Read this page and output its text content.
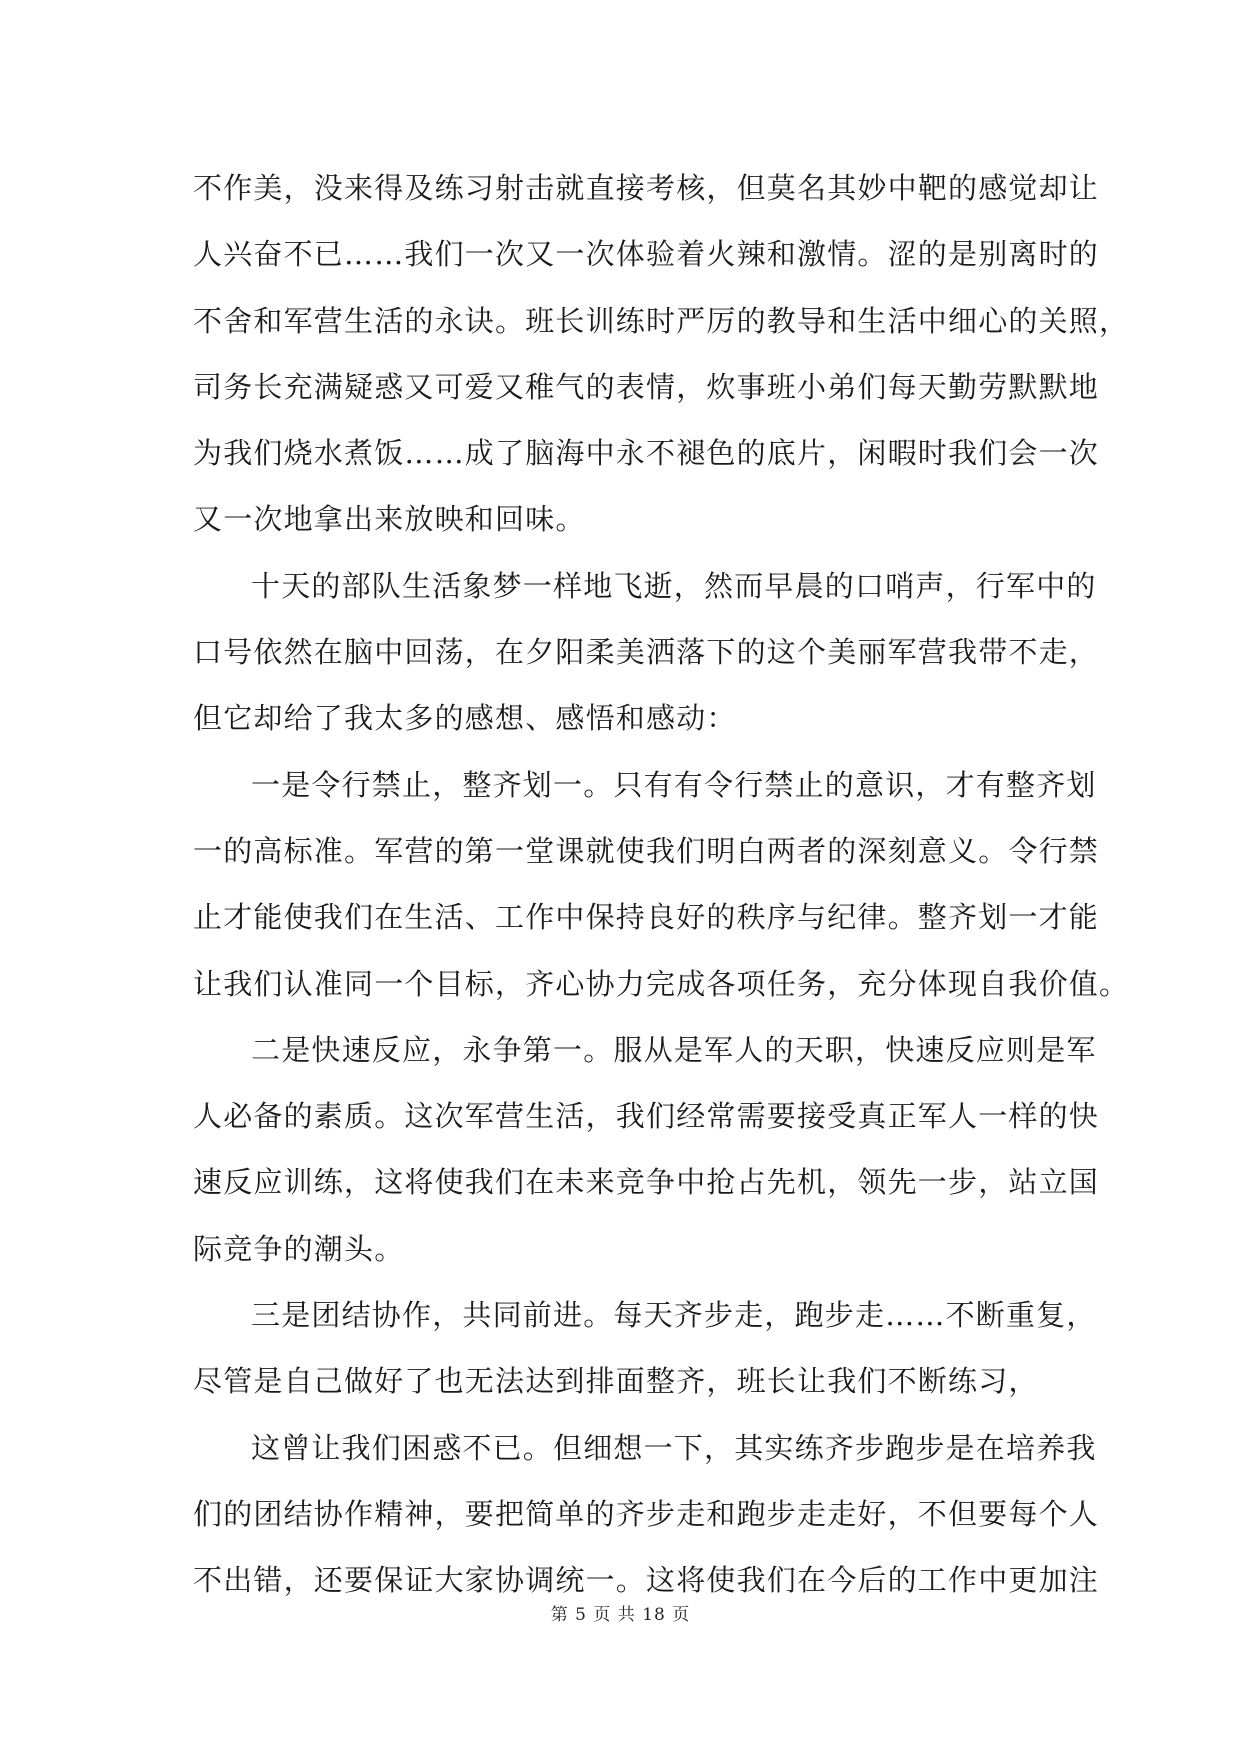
不作美，没来得及练习射击就直接考核，但莫名其妙中靶的感觉却让
人兴奋不已……我们一次又一次体验着火辣和激情。涩的是别离时的
不舍和军营生活的永诀。班长训练时严厉的教导和生活中细心的关照，
司务长充满疑惑又可爱又稚气的表情，炊事班小弟们每天勤劳默默地
为我们烧水煮饭……成了脑海中永不褪色的底片，闲暇时我们会一次
又一次地拿出来放映和回味。
十天的部队生活象梦一样地飞逝，然而早晨的口哨声，行军中的
口号依然在脑中回荡，在夕阳柔美洒落下的这个美丽军营我带不走，
但它却给了我太多的感想、感悟和感动：
一是令行禁止，整齐划一。只有有令行禁止的意识，才有整齐划
一的高标准。军营的第一堂课就使我们明白两者的深刻意义。令行禁
止才能使我们在生活、工作中保持良好的秩序与纪律。整齐划一才能
让我们认准同一个目标，齐心协力完成各项任务，充分体现自我价值。
二是快速反应，永争第一。服从是军人的天职，快速反应则是军
人必备的素质。这次军营生活，我们经常需要接受真正军人一样的快
速反应训练，这将使我们在未来竞争中抢占先机，领先一步，站立国
际竞争的潮头。
三是团结协作，共同前进。每天齐步走，跑步走……不断重复，
尽管是自己做好了也无法达到排面整齐，班长让我们不断练习，
这曾让我们困惑不已。但细想一下，其实练齐步跑步是在培养我
们的团结协作精神，要把简单的齐步走和跑步走走好，不但要每个人
不出错，还要保证大家协调统一。这将使我们在今后的工作中更加注
第 5 页 共 18 页
